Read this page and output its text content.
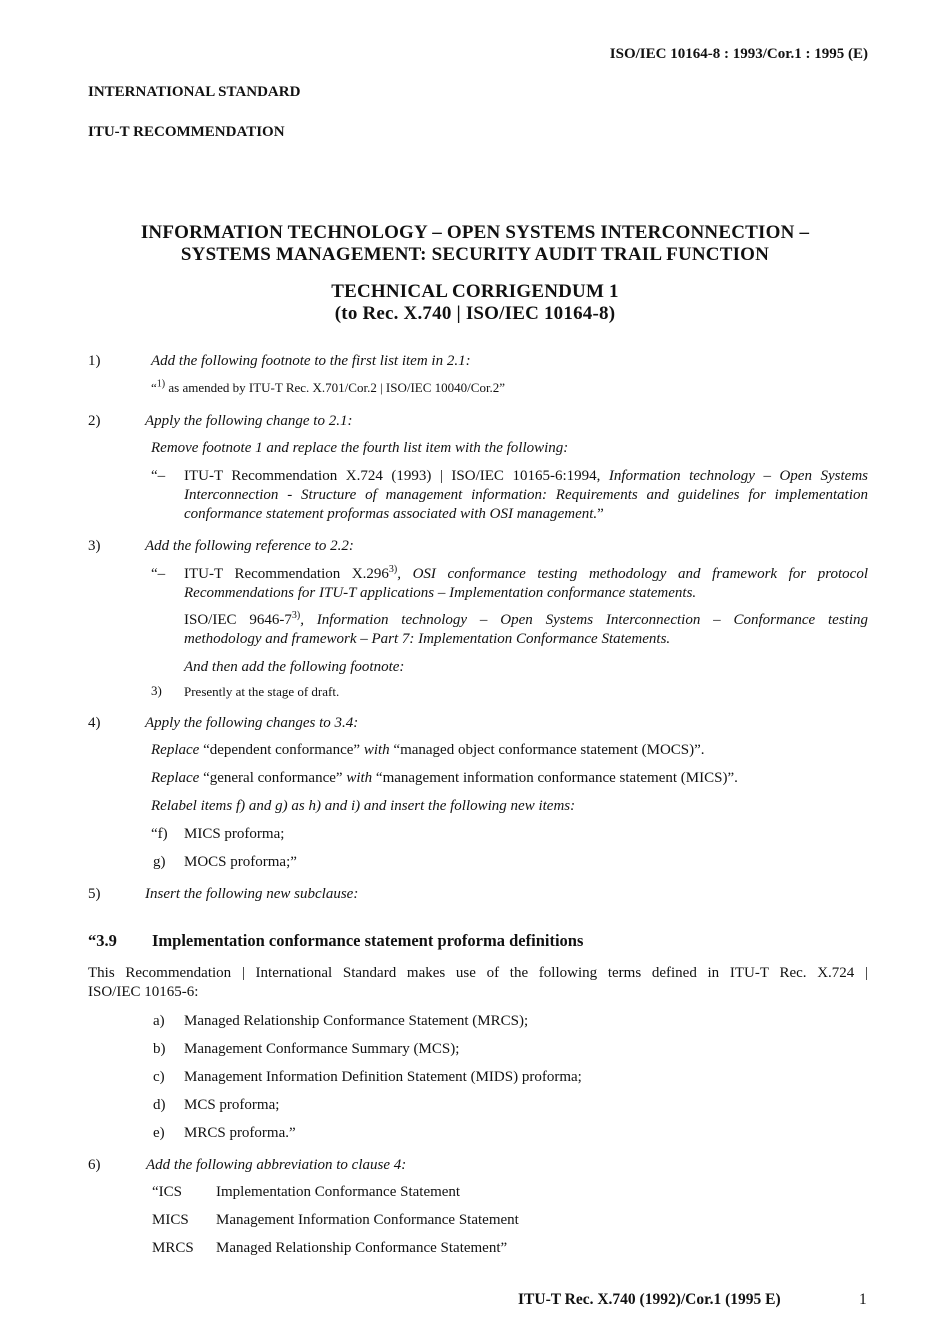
ISO/IEC 10164-8 : 1993/Cor.1 : 1995 (E)
INTERNATIONAL STANDARD
ITU-T RECOMMENDATION
INFORMATION TECHNOLOGY – OPEN SYSTEMS INTERCONNECTION –
SYSTEMS MANAGEMENT: SECURITY AUDIT TRAIL FUNCTION
TECHNICAL CORRIGENDUM 1
(to Rec. X.740 | ISO/IEC 10164-8)
1)	Add the following footnote to the first list item in 2.1:
“$^{1)}$ as amended by ITU-T Rec. X.701/Cor.2 | ISO/IEC 10040/Cor.2”
2)	Apply the following change to 2.1:
Remove footnote 1 and replace the fourth list item with the following:
“– ITU-T Recommendation X.724 (1993) | ISO/IEC 10165-6:1994, Information technology – Open Systems
Interconnection - Structure of management information: Requirements and guidelines for implementation
conformance statement proformas associated with OSI management.”
3)	Add the following reference to 2.2:
“– ITU-T Recommendation X.296$^{3)}$, OSI conformance testing methodology and framework for protocol
Recommendations for ITU-T applications – Implementation conformance statements.
ISO/IEC 9646-7$^{3)}$, Information technology – Open Systems Interconnection – Conformance testing
methodology and framework – Part 7: Implementation Conformance Statements.
And then add the following footnote:
3) Presently at the stage of draft.
4)	Apply the following changes to 3.4:
Replace “dependent conformance” with “managed object conformance statement (MOCS)”.
Replace “general conformance” with “management information conformance statement (MICS)”.
Relabel items f) and g) as h) and i) and insert the following new items:
“f) MICS proforma;
g) MOCS proforma;”
5)	Insert the following new subclause:
“3.9 Implementation conformance statement proforma definitions
This Recommendation | International Standard makes use of the following terms defined in ITU-T Rec. X.724 |
ISO/IEC 10165-6:
a) Managed Relationship Conformance Statement (MRCS);
b) Management Conformance Summary (MCS);
c) Management Information Definition Statement (MIDS) proforma;
d) MCS proforma;
e) MRCS proforma.”
6)	Add the following abbreviation to clause 4:
“ICS Implementation Conformance Statement
MICS Management Information Conformance Statement
MRCS Managed Relationship Conformance Statement”
ITU-T Rec. X.740 (1992)/Cor.1 (1995 E)	1
